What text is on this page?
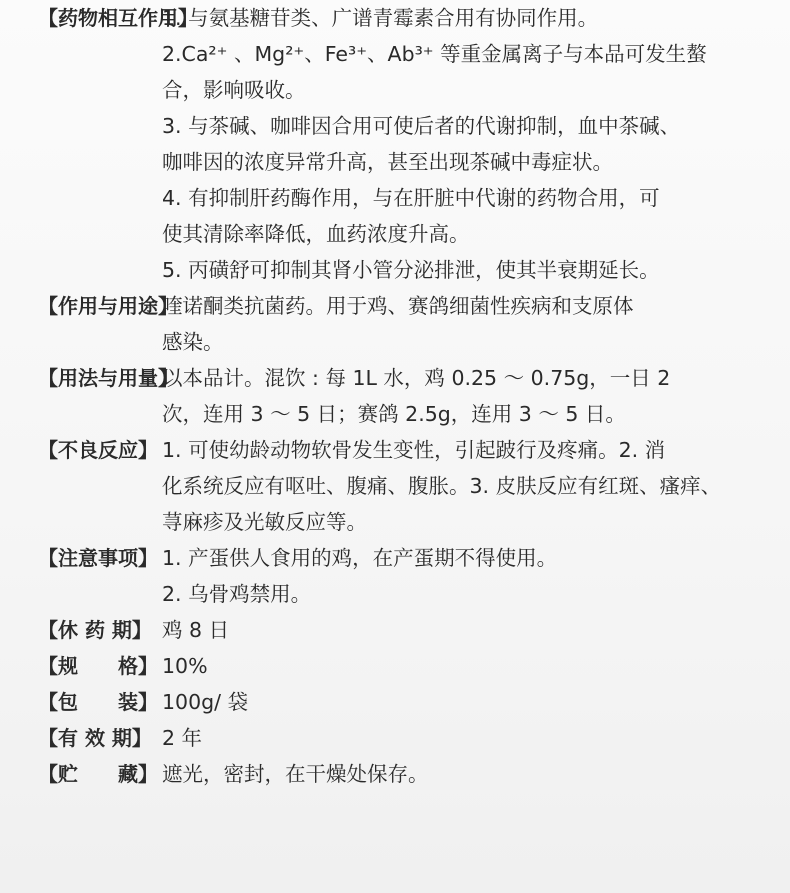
【药物相互作用】
1. 与氨基糖苷类、广谱青霉素合用有协同作用。
2.Ca²⁺ 、Mg²⁺、Fe³⁺、Ab³⁺ 等重金属离子与本品可发生螯
合，影响吸收。
3. 与茶碱、咖啡因合用可使后者的代谢抑制，血中茶碱、
咖啡因的浓度异常升高，甚至出现茶碱中毒症状。
4. 有抑制肝药酶作用，与在肝脏中代谢的药物合用，可
使其清除率降低，血药浓度升高。
5. 丙磺舒可抑制其肾小管分泌排泄，使其半衰期延长。
【作用与用途】
喹诺酮类抗菌药。用于鸡、赛鸽细菌性疾病和支原体
感染。
【用法与用量】
以本品计。混饮 : 每 1L 水，鸡 0.25 ～ 0.75g，一日 2
次，连用 3 ～ 5 日；赛鸽 2.5g，连用 3 ～ 5 日。
【不良反应】 1. 可使幼龄动物软骨发生变性，引起跛行及疼痛。2. 消
化系统反应有呕吐、腹痛、腹胀。3. 皮肤反应有红斑、瘙痒、
荨麻疹及光敏反应等。
【注意事项】 1. 产蛋供人食用的鸡，在产蛋期不得使用。
2. 乌骨鸡禁用。
【休 药 期】 鸡 8 日
【规　　格】 10%
【包　　装】 100g/ 袋
【有 效 期】 2 年
【贮　　藏】 遮光，密封，在干燥处保存。
